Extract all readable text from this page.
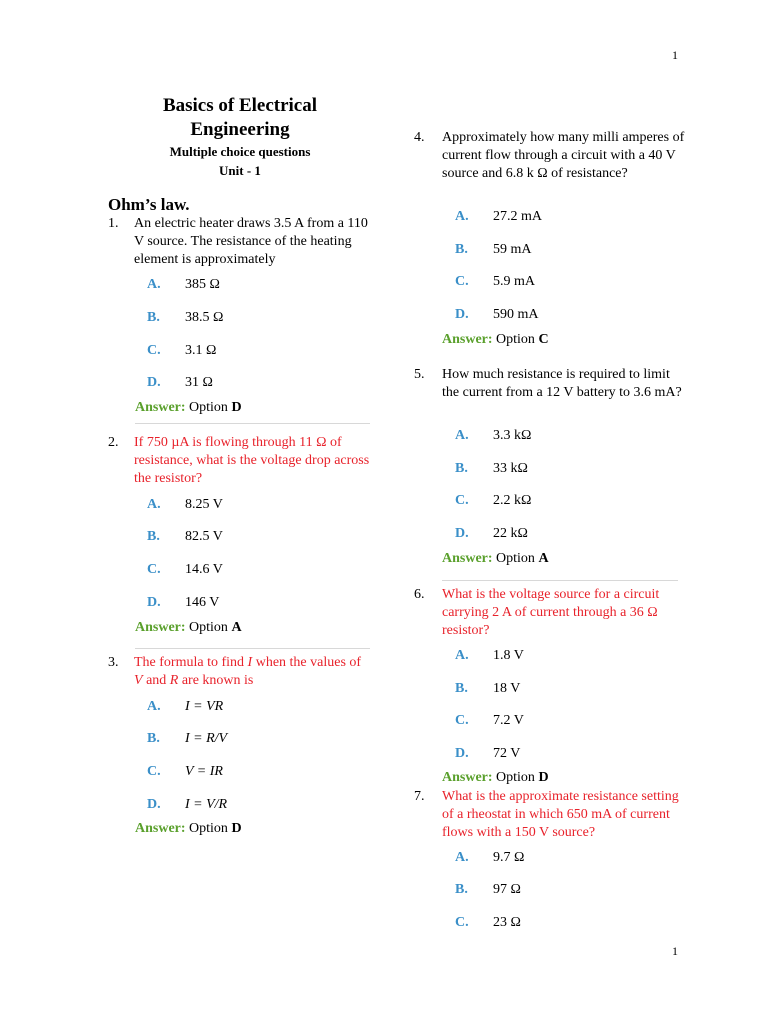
1
Basics of Electrical
Engineering
Multiple choice questions
Unit - 1
Ohm’s law.
1. An electric heater draws 3.5 A from a 110 V source. The resistance of the heating element is approximately
A. 385 Ω
B. 38.5 Ω
C. 3.1 Ω
D. 31 Ω
Answer: Option D
2. If 750 µA is flowing through 11 Ω of resistance, what is the voltage drop across the resistor?
A. 8.25 V
B. 82.5 V
C. 14.6 V
D. 146 V
Answer: Option A
3. The formula to find I when the values of V and R are known is
A. I = VR
B. I = R/V
C. V = IR
D. I = V/R
Answer: Option D
4. Approximately how many milli amperes of current flow through a circuit with a 40 V source and 6.8 k Ω of resistance?
A. 27.2 mA
B. 59 mA
C. 5.9 mA
D. 590 mA
Answer: Option C
5. How much resistance is required to limit the current from a 12 V battery to 3.6 mA?
A. 3.3 kΩ
B. 33 kΩ
C. 2.2 kΩ
D. 22 kΩ
Answer: Option A
6. What is the voltage source for a circuit carrying 2 A of current through a 36 Ω resistor?
A. 1.8 V
B. 18 V
C. 7.2 V
D. 72 V
Answer: Option D
7. What is the approximate resistance setting of a rheostat in which 650 mA of current flows with a 150 V source?
A. 9.7 Ω
B. 97 Ω
C. 23 Ω
1
